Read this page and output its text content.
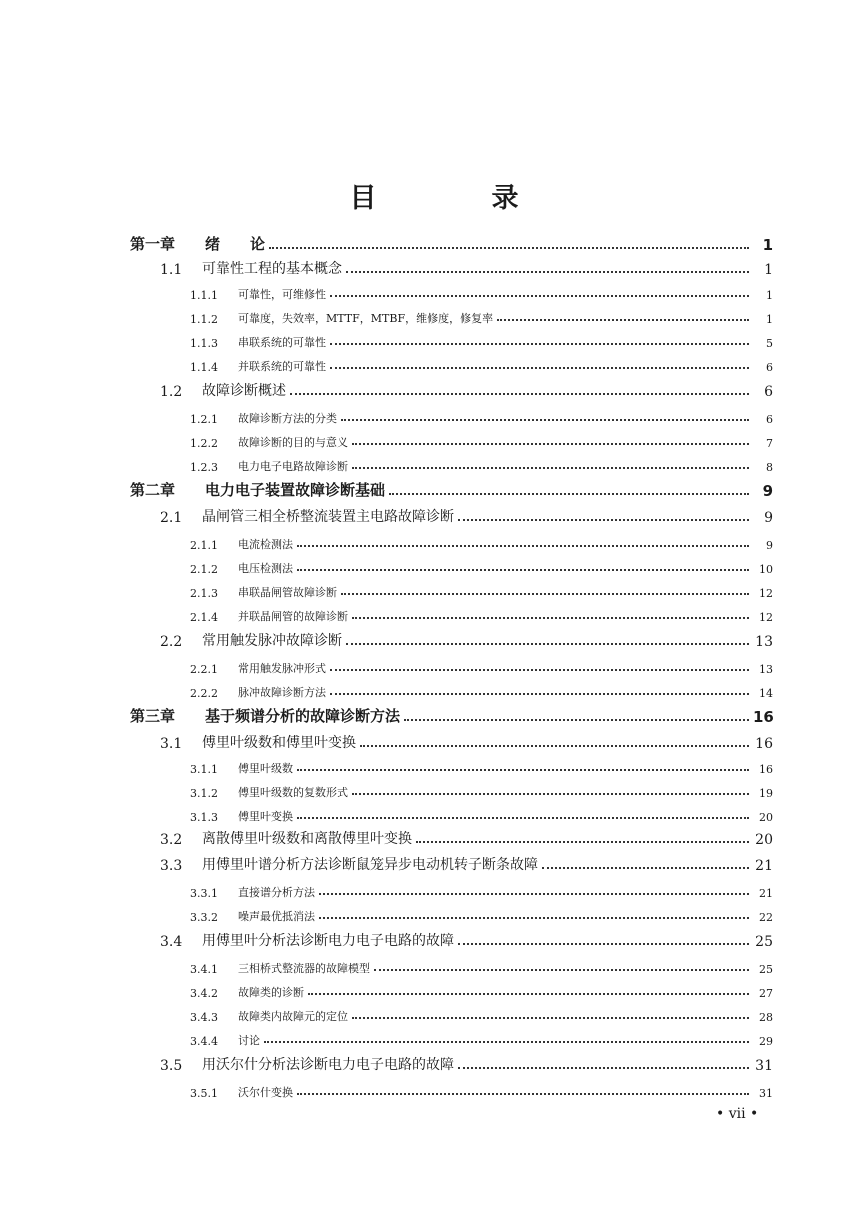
目　录
第一章	绪　　论	1
1.1	可靠性工程的基本概念	1
1.1.1	可靠性，可维修性	1
1.1.2	可靠度，失效率，MTTF，MTBF，维修度，修复率	1
1.1.3	串联系统的可靠性	5
1.1.4	并联系统的可靠性	6
1.2	故障诊断概述	6
1.2.1	故障诊断方法的分类	6
1.2.2	故障诊断的目的与意义	7
1.2.3	电力电子电路故障诊断	8
第二章	电力电子装置故障诊断基础	9
2.1	晶闸管三相全桥整流装置主电路故障诊断	9
2.1.1	电流检测法	9
2.1.2	电压检测法	10
2.1.3	串联晶闸管故障诊断	12
2.1.4	并联晶闸管的故障诊断	12
2.2	常用触发脉冲故障诊断	13
2.2.1	常用触发脉冲形式	13
2.2.2	脉冲故障诊断方法	14
第三章	基于频谱分析的故障诊断方法	16
3.1	傅里叶级数和傅里叶变换	16
3.1.1	傅里叶级数	16
3.1.2	傅里叶级数的复数形式	19
3.1.3	傅里叶变换	20
3.2	离散傅里叶级数和离散傅里叶变换	20
3.3	用傅里叶谱分析方法诊断鼠笼异步电动机转子断条故障	21
3.3.1	直接谱分析方法	21
3.3.2	噪声最优抵消法	22
3.4	用傅里叶分析法诊断电力电子电路的故障	25
3.4.1	三相桥式整流器的故障模型	25
3.4.2	故障类的诊断	27
3.4.3	故障类内故障元的定位	28
3.4.4	讨论	29
3.5	用沃尔什分析法诊断电力电子电路的故障	31
3.5.1	沃尔什变换	31
• vii •
